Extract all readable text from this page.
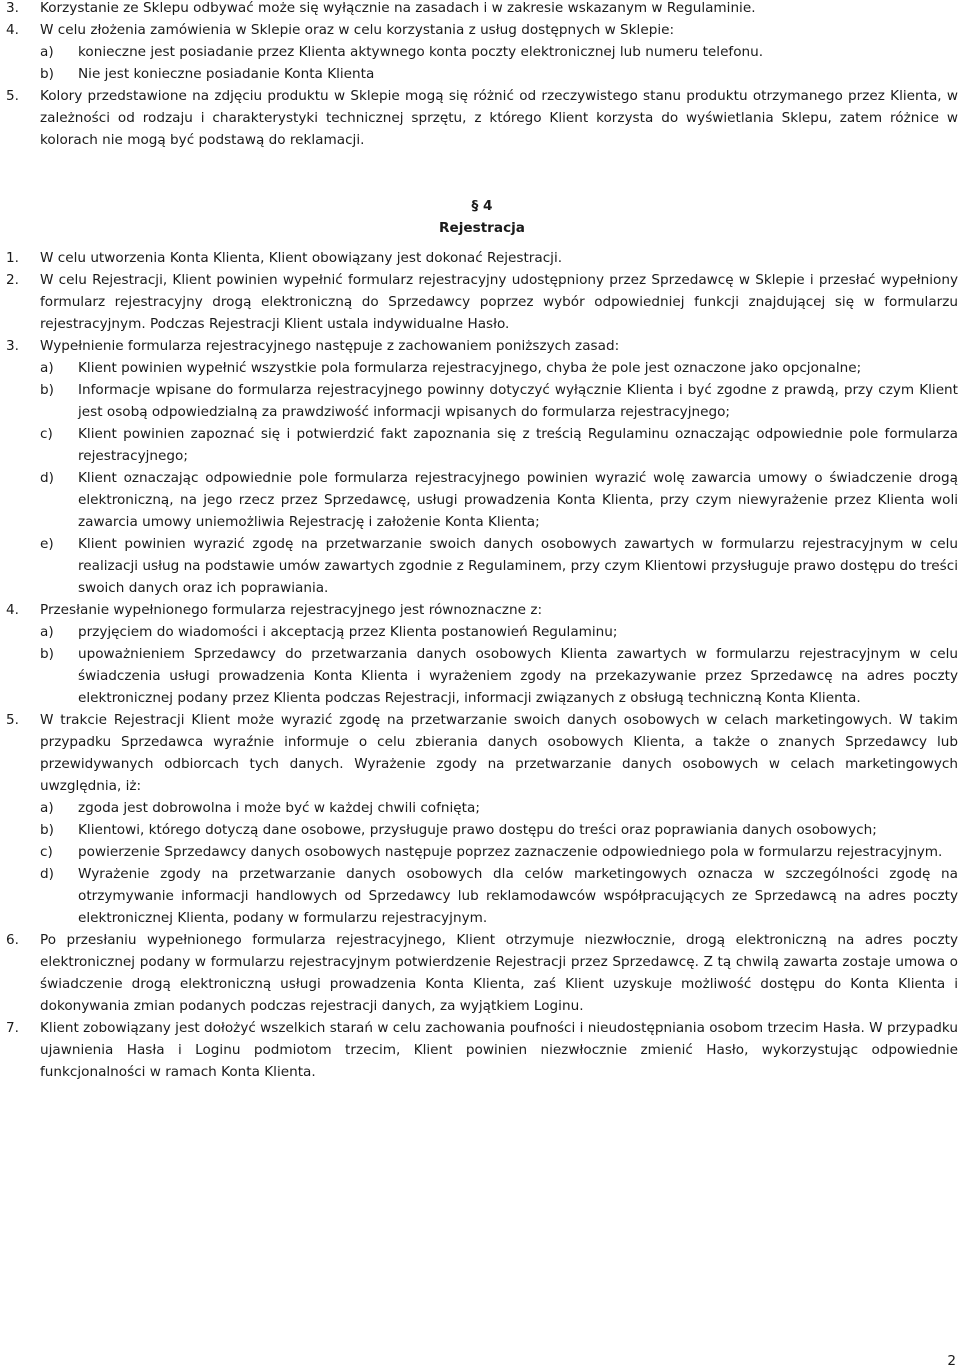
3.	Korzystanie ze Sklepu odbywać może się wyłącznie na zasadach i w zakresie wskazanym w Regulaminie.
4.	W celu złożenia zamówienia w Sklepie oraz w celu korzystania z usług dostępnych w Sklepie:
a)	konieczne jest posiadanie przez Klienta aktywnego konta poczty elektronicznej lub numeru telefonu.
b)	Nie jest konieczne posiadanie Konta Klienta
5.	Kolory przedstawione na zdjęciu produktu w Sklepie mogą się różnić od rzeczywistego stanu produktu otrzymanego przez Klienta, w zależności od rodzaju i charakterystyki technicznej sprzętu, z którego Klient korzysta do wyświetlania Sklepu, zatem różnice w kolorach nie mogą być podstawą do reklamacji.
§ 4
Rejestracja
1.	W celu utworzenia Konta Klienta, Klient obowiązany jest dokonać Rejestracji.
2.	W celu Rejestracji, Klient powinien wypełnić formularz rejestracyjny udostępniony przez Sprzedawcę w Sklepie i przesłać wypełniony formularz rejestracyjny drogą elektroniczną do Sprzedawcy poprzez wybór odpowiedniej funkcji znajdującej się w formularzu rejestracyjnym. Podczas Rejestracji Klient ustala indywidualne Hasło.
3.	Wypełnienie formularza rejestracyjnego następuje z zachowaniem poniższych zasad:
a)	Klient powinien wypełnić wszystkie pola formularza rejestracyjnego, chyba że pole jest oznaczone jako opcjonalne;
b)	Informacje wpisane do formularza rejestracyjnego powinny dotyczyć wyłącznie Klienta i być zgodne z prawdą, przy czym Klient jest osobą odpowiedzialną za prawdziwość informacji wpisanych do formularza rejestracyjnego;
c)	Klient powinien zapoznać się i potwierdzić fakt zapoznania się z treścią Regulaminu oznaczając odpowiednie pole formularza rejestracyjnego;
d)	Klient oznaczając odpowiednie pole formularza rejestracyjnego powinien wyrazić wolę zawarcia umowy o świadczenie drogą elektroniczną, na jego rzecz przez Sprzedawcę, usługi prowadzenia Konta Klienta, przy czym niewyrażenie przez Klienta woli zawarcia umowy uniemożliwia Rejestrację i założenie Konta Klienta;
e)	Klient powinien wyrazić zgodę na przetwarzanie swoich danych osobowych zawartych w formularzu rejestracyjnym w celu realizacji usług na podstawie umów zawartych zgodnie z Regulaminem, przy czym Klientowi przysługuje prawo dostępu do treści swoich danych oraz ich poprawiania.
4.	Przesłanie wypełnionego formularza rejestracyjnego jest równoznaczne z:
a)	przyjęciem do wiadomości i akceptacją przez Klienta postanowień Regulaminu;
b)	upoważnieniem Sprzedawcy do przetwarzania danych osobowych Klienta zawartych w formularzu rejestracyjnym w celu świadczenia usługi prowadzenia Konta Klienta i wyrażeniem zgody na przekazywanie przez Sprzedawcę na adres poczty elektronicznej podany przez Klienta podczas Rejestracji, informacji związanych z obsługą techniczną Konta Klienta.
5.	W trakcie Rejestracji Klient może wyrazić zgodę na przetwarzanie swoich danych osobowych w celach marketingowych. W takim przypadku Sprzedawca wyraźnie informuje o celu zbierania danych osobowych Klienta, a także o znanych Sprzedawcy lub przewidywanych odbiorcach tych danych. Wyrażenie zgody na przetwarzanie danych osobowych w celach marketingowych uwzględnia, iż:
a)	zgoda jest dobrowolna i może być w każdej chwili cofnięta;
b)	Klientowi, którego dotyczą dane osobowe, przysługuje prawo dostępu do treści oraz poprawiania danych osobowych;
c)	powierzenie Sprzedawcy danych osobowych następuje poprzez zaznaczenie odpowiedniego pola w formularzu rejestracyjnym.
d)	Wyrażenie zgody na przetwarzanie danych osobowych dla celów marketingowych oznacza w szczególności zgodę na otrzymywanie informacji handlowych od Sprzedawcy lub reklamodawców współpracujących ze Sprzedawcą na adres poczty elektronicznej Klienta, podany w formularzu rejestracyjnym.
6.	Po przesłaniu wypełnionego formularza rejestracyjnego, Klient otrzymuje niezwłocznie, drogą elektroniczną na adres poczty elektronicznej podany w formularzu rejestracyjnym potwierdzenie Rejestracji przez Sprzedawcę. Z tą chwilą zawarta zostaje umowa o świadczenie drogą elektroniczną usługi prowadzenia Konta Klienta, zaś Klient uzyskuje możliwość dostępu do Konta Klienta i dokonywania zmian podanych podczas rejestracji danych, za wyjątkiem Loginu.
7.	Klient zobowiązany jest dołożyć wszelkich starań w celu zachowania poufności i nieudostępniania osobom trzecim Hasła. W przypadku ujawnienia Hasła i Loginu podmiotom trzecim, Klient powinien niezwłocznie zmienić Hasło, wykorzystując odpowiednie funkcjonalności w ramach Konta Klienta.
2
